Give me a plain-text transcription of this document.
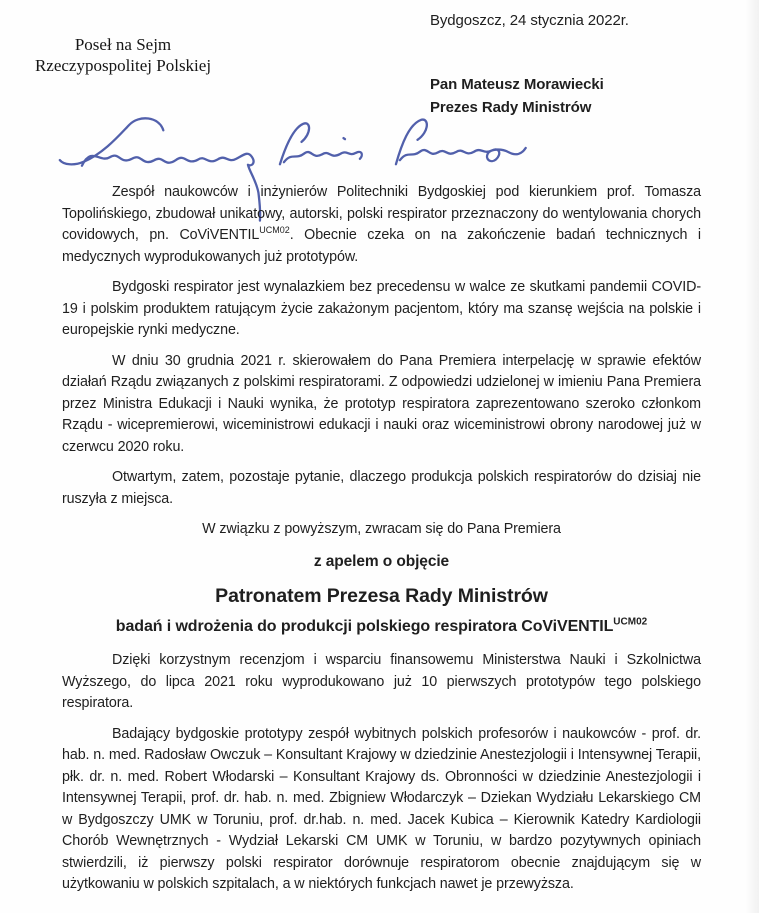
Bydgoszcz, 24 stycznia 2022r.
Poseł na Sejm
Rzeczypospolitej Polskiej
Pan Mateusz Morawiecki
Prezes Rady Ministrów

Zespół naukowców i inżynierów Politechniki Bydgoskiej pod kierunkiem prof. Tomasza Topolińskiego, zbudował unikatowy, autorski, polski respirator przeznaczony do wentylowania chorych covidowych, pn. CoViVENTIL$^{UCM02}$. Obecnie czeka on na zakończenie badań technicznych i medycznych wyprodukowanych już prototypów.

Bydgoski respirator jest wynalazkiem bez precedensu w walce ze skutkami pandemii COVID-19 i polskim produktem ratującym życie zakażonym pacjentom, który ma szansę wejścia na polskie i europejskie rynki medyczne.

W dniu 30 grudnia 2021 r. skierowałem do Pana Premiera interpelację w sprawie efektów działań Rządu związanych z polskimi respiratorami. Z odpowiedzi udzielonej w imieniu Pana Premiera przez Ministra Edukacji i Nauki wynika, że prototyp respiratora zaprezentowano szeroko członkom Rządu - wicepremierowi, wiceministrowi edukacji i nauki oraz wiceministrowi obrony narodowej już w czerwcu 2020 roku.

Otwartym, zatem, pozostaje pytanie, dlaczego produkcja polskich respiratorów do dzisiaj nie ruszyła z miejsca.

W związku z powyższym, zwracam się do Pana Premiera

z apelem o objęcie

Patronatem Prezesa Rady Ministrów

badań i wdrożenia do produkcji polskiego respiratora CoViVENTIL$^{UCM02}$

Dzięki korzystnym recenzjom i wsparciu finansowemu Ministerstwa Nauki i Szkolnictwa Wyższego, do lipca 2021 roku wyprodukowano już 10 pierwszych prototypów tego polskiego respiratora.

Badający bydgoskie prototypy zespół wybitnych polskich profesorów i naukowców - prof. dr. hab. n. med. Radosław Owczuk – Konsultant Krajowy w dziedzinie Anestezjologii i Intensywnej Terapii, płk. dr. n. med. Robert Włodarski – Konsultant Krajowy ds. Obronności w dziedzinie Anestezjologii i Intensywnej Terapii, prof. dr. hab. n. med. Zbigniew Włodarczyk – Dziekan Wydziału Lekarskiego CM w Bydgoszczy UMK w Toruniu, prof. dr.hab. n. med. Jacek Kubica – Kierownik Katedry Kardiologii Chorób Wewnętrznych - Wydział Lekarski CM UMK w Toruniu, w bardzo pozytywnych opiniach stwierdzili, iż pierwszy polski respirator dorównuje respiratorom obecnie znajdującym się w użytkowaniu w polskich szpitalach, a w niektórych funkcjach nawet je przewyższa.
